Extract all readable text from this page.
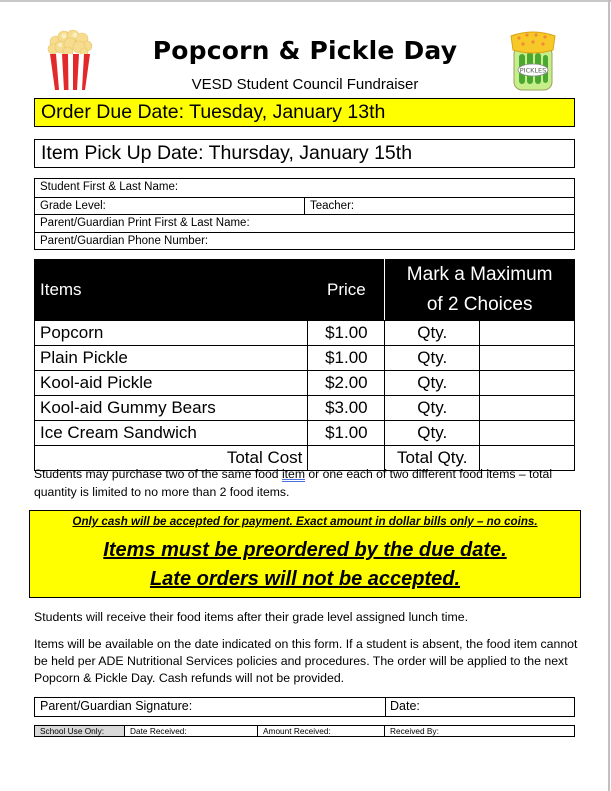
Popcorn & Pickle Day
VESD Student Council Fundraiser
PICKLES
Order Due Date: Tuesday, January 13th
Item Pick Up Date: Thursday, January 15th
Student First & Last Name:
Grade Level:	Teacher:
Parent/Guardian Print First & Last Name:
Parent/Guardian Phone Number:
Items	Price	Mark a Maximum
of 2 Choices	

Popcorn	$1.00	Qty.	
Plain Pickle	$1.00	Qty.	
Kool-aid Pickle	$2.00	Qty.	
Kool-aid Gummy Bears	$3.00	Qty.	
Ice Cream Sandwich	$1.00	Qty.	
Total Cost		Total Qty.	
Students may purchase two of the same food item or one each of two different food items – total quantity is limited to no more than 2 food items.
Only cash will be accepted for payment. Exact amount in dollar bills only – no coins.
Items must be preordered by the due date.
Late orders will not be accepted.
Students will receive their food items after their grade level assigned lunch time.
Items will be available on the date indicated on this form. If a student is absent, the food item cannot be held per ADE Nutritional Services policies and procedures. The order will be applied to the next Popcorn & Pickle Day. Cash refunds will not be provided.
Parent/Guardian Signature:	Date:
School Use Only:	Date Received:	Amount Received:	Received By:
